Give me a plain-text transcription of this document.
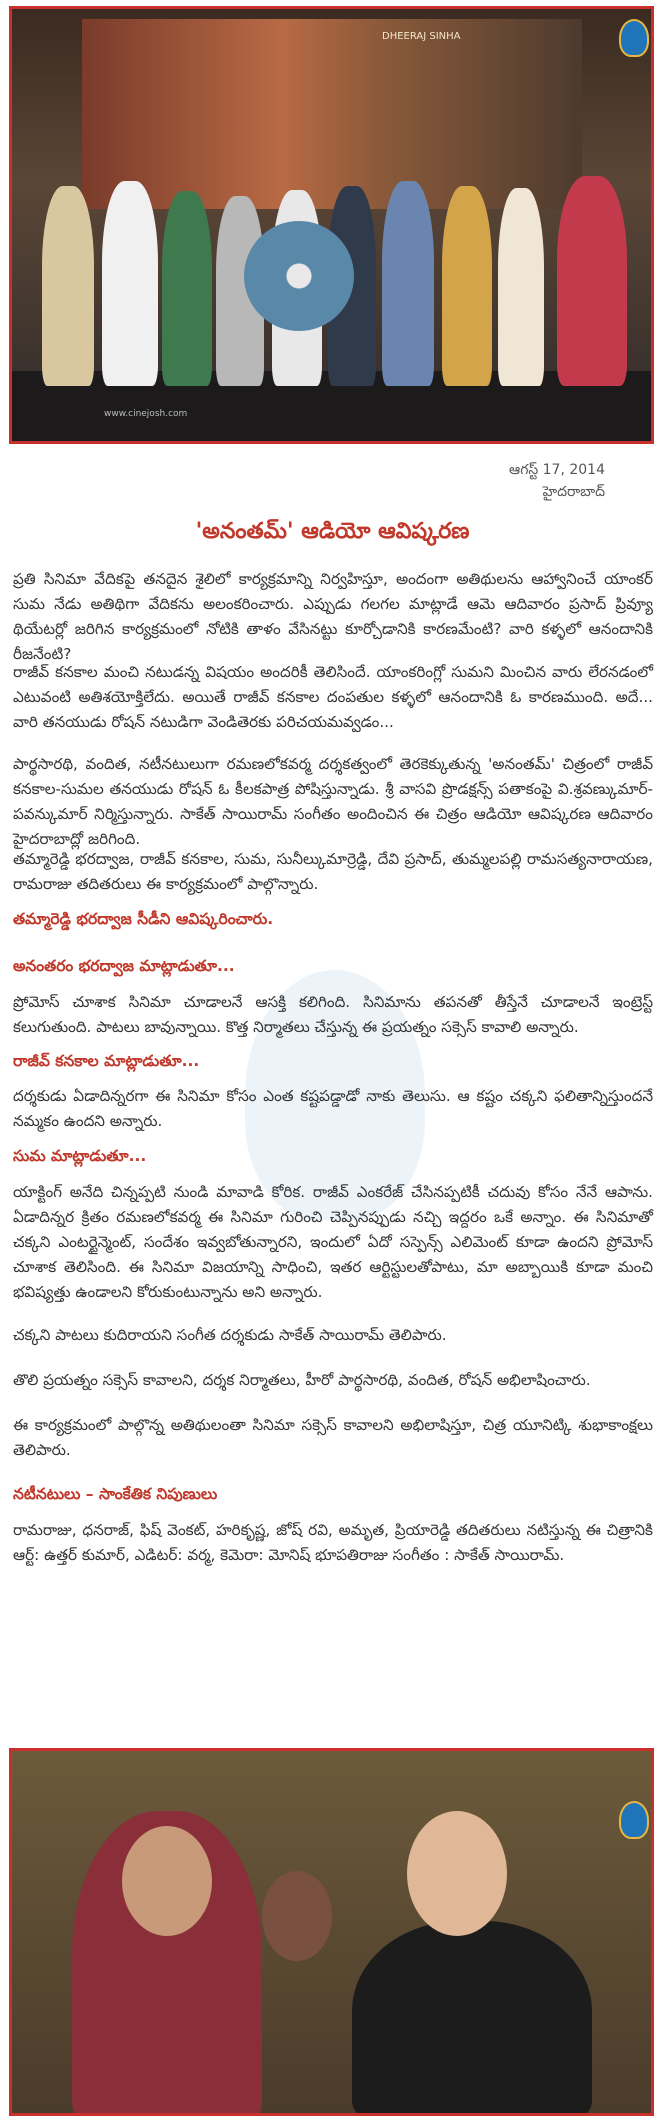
DHEERAJ SINHA
www.cinejosh.com
ఆగస్ట్ 17, 2014
హైదరాబాద్
'అనంతమ్' ఆడియో ఆవిష్కరణ
ప్రతి సినిమా వేదికపై తనదైన శైలిలో కార్యక్రమాన్ని నిర్వహిస్తూ, అందంగా అతిథులను ఆహ్వానించే యాంకర్ సుమ నేడు అతిథిగా వేదికను అలంకరించారు. ఎప్పుడు గలగల మాట్లాడే ఆమె ఆదివారం ప్రసాద్ ప్రివ్యూ థియేటర్లో జరిగిన కార్యక్రమంలో నోటికి తాళం వేసినట్టు కూర్చోడానికి కారణమేంటి? వారి కళ్ళలో ఆనందానికి రీజనేంటి?
రాజీవ్ కనకాల మంచి నటుడన్న విషయం అందరికీ తెలిసిందే. యాంకరింగ్లో సుమని మించిన వారు లేరనడంలో ఎటువంటి అతిశయోక్తిలేదు. అయితే రాజీవ్ కనకాల దంపతుల కళ్ళలో ఆనందానికి ఓ కారణముంది. అదే... వారి తనయుడు రోషన్ నటుడిగా వెండితెరకు పరిచయమవ్వడం...
పార్థసారథి, వందిత, నటీనటులుగా రమణలోకవర్మ దర్శకత్వంలో తెరకెక్కుతున్న 'అనంతమ్' చిత్రంలో రాజీవ్ కనకాల-సుమల తనయుడు రోషన్ ఓ కీలకపాత్ర పోషిస్తున్నాడు. శ్రీ వాసవి ప్రొడక్షన్స్ పతాకంపై వి.శ్రవణ్కుమార్-పవన్కుమార్ నిర్మిస్తున్నారు. సాకేత్ సాయిరామ్ సంగీతం అందించిన ఈ చిత్రం ఆడియో ఆవిష్కరణ ఆదివారం హైదరాబాద్లో జరిగింది.
తమ్మారెడ్డి భరద్వాజ, రాజీవ్ కనకాల, సుమ, సునీల్కుమార్రెడ్డి, దేవి ప్రసాద్, తుమ్మలపల్లి రామసత్యనారాయణ, రామరాజు తదితరులు ఈ కార్యక్రమంలో పాల్గొన్నారు.
తమ్మారెడ్డి భరద్వాజ సీడీని ఆవిష్కరించారు.
అనంతరం భరద్వాజ మాట్లాడుతూ...
ప్రోమోస్ చూశాక సినిమా చూడాలనే ఆసక్తి కలిగింది. సినిమాను తపనతో తీస్తేనే చూడాలనే ఇంట్రెస్ట్ కలుగుతుంది. పాటలు బావున్నాయి. కొత్త నిర్మాతలు చేస్తున్న ఈ ప్రయత్నం సక్సెస్ కావాలి అన్నారు.
రాజీవ్ కనకాల మాట్లాడుతూ...
దర్శకుడు ఏడాదిన్నరగా ఈ సినిమా కోసం ఎంత కష్టపడ్డాడో నాకు తెలుసు. ఆ కష్టం చక్కని ఫలితాన్నిస్తుందనే నమ్మకం ఉందని అన్నారు.
సుమ మాట్లాడుతూ...
యాక్టింగ్ అనేది చిన్నప్పటి నుండి మావాడి కోరిక. రాజీవ్ ఎంకరేజ్ చేసినప్పటికీ చదువు కోసం నేనే ఆపాను. ఏడాదిన్నర క్రితం రమణలోకవర్మ ఈ సినిమా గురించి చెప్పినప్పుడు నచ్చి ఇద్దరం ఒకే అన్నాం. ఈ సినిమాతో చక్కని ఎంటర్టైన్మెంట్, సందేశం ఇవ్వబోతున్నారని, ఇందులో ఏదో సస్పెన్స్ ఎలిమెంట్ కూడా ఉందని ప్రోమోస్ చూశాక తెలిసింది. ఈ సినిమా విజయాన్ని సాధించి, ఇతర ఆర్టిస్టులతోపాటు, మా అబ్బాయికి కూడా మంచి భవిష్యత్తు ఉండాలని కోరుకుంటున్నాను అని అన్నారు.
చక్కని పాటలు కుదిరాయని సంగీత దర్శకుడు సాకేత్ సాయిరామ్ తెలిపారు.
తొలి ప్రయత్నం సక్సెస్ కావాలని, దర్శక నిర్మాతలు, హీరో పార్థసారథి, వందిత, రోషన్ అభిలాషించారు.
ఈ కార్యక్రమంలో పాల్గొన్న అతిథులంతా సినిమా సక్సెస్ కావాలని అభిలాషిస్తూ, చిత్ర యూనిట్కి శుభాకాంక్షలు తెలిపారు.
నటీనటులు – సాంకేతిక నిపుణులు
రామరాజు, ధనరాజ్, ఫిష్ వెంకట్, హరికృష్ణ, జోష్ రవి, అమృత, ప్రియారెడ్డి తదితరులు నటిస్తున్న ఈ చిత్రానికి ఆర్ట్: ఉత్తర్ కుమార్, ఎడిటర్: వర్మ, కెమెరా: మోనిష్ భూపతిరాజు సంగీతం : సాకేత్ సాయిరామ్.
